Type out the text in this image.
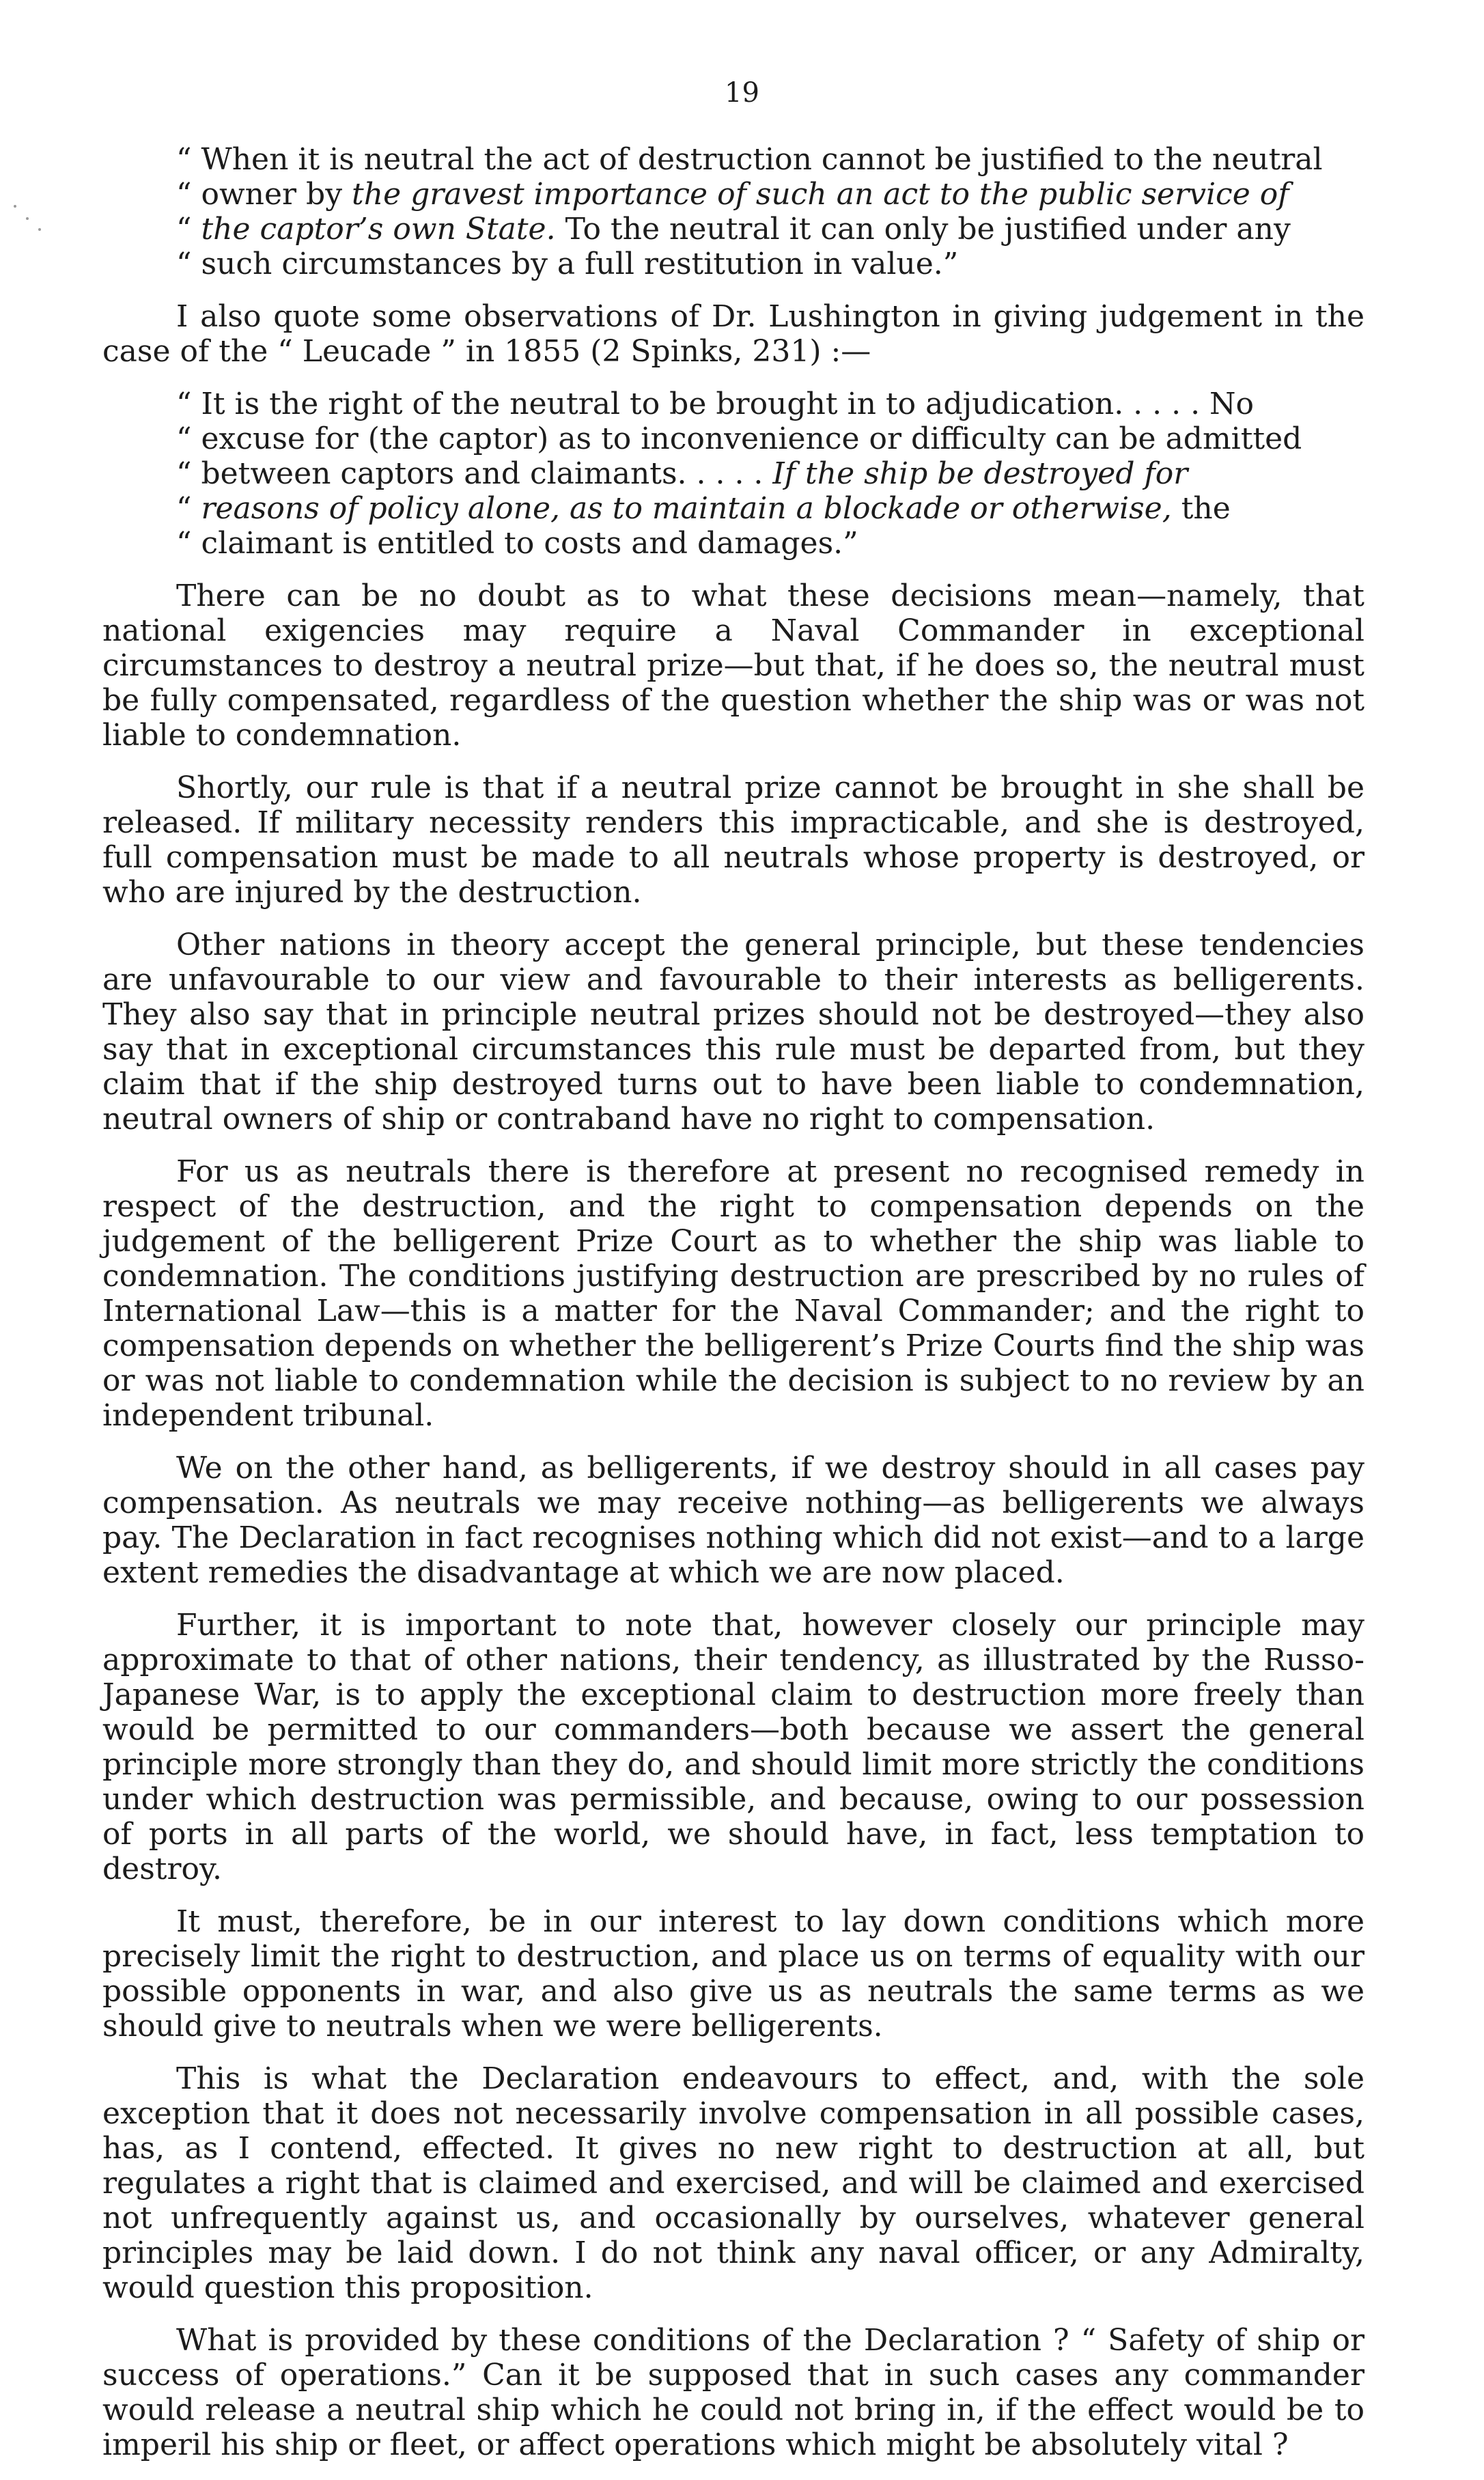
19
“ When it is neutral the act of destruction cannot be justified to the neutral
“ owner by the gravest importance of such an act to the public service of
“ the captor’s own State. To the neutral it can only be justified under any
“ such circumstances by a full restitution in value.”

I also quote some observations of Dr. Lushington in giving judgement in the case of the “ Leucade ” in 1855 (2 Spinks, 231) :—

“ It is the right of the neutral to be brought in to adjudication. . . . . No
“ excuse for (the captor) as to inconvenience or difficulty can be admitted
“ between captors and claimants. . . . . If the ship be destroyed for
“ reasons of policy alone, as to maintain a blockade or otherwise, the
“ claimant is entitled to costs and damages.”

There can be no doubt as to what these decisions mean—namely, that national exigencies may require a Naval Commander in exceptional circumstances to destroy a neutral prize—but that, if he does so, the neutral must be fully compensated, regardless of the question whether the ship was or was not liable to condemnation.

Shortly, our rule is that if a neutral prize cannot be brought in she shall be released. If military necessity renders this impracticable, and she is destroyed, full compensation must be made to all neutrals whose property is destroyed, or who are injured by the destruction.

Other nations in theory accept the general principle, but these tendencies are unfavourable to our view and favourable to their interests as belligerents. They also say that in principle neutral prizes should not be destroyed—they also say that in exceptional circumstances this rule must be departed from, but they claim that if the ship destroyed turns out to have been liable to condemnation, neutral owners of ship or contraband have no right to compensation.

For us as neutrals there is therefore at present no recognised remedy in respect of the destruction, and the right to compensation depends on the judgement of the belligerent Prize Court as to whether the ship was liable to condemnation. The conditions justifying destruction are prescribed by no rules of International Law—this is a matter for the Naval Commander; and the right to compensation depends on whether the belligerent’s Prize Courts find the ship was or was not liable to condemnation while the decision is subject to no review by an independent tribunal.

We on the other hand, as belligerents, if we destroy should in all cases pay compensation. As neutrals we may receive nothing—as belligerents we always pay. The Declaration in fact recognises nothing which did not exist—and to a large extent remedies the disadvantage at which we are now placed.

Further, it is important to note that, however closely our principle may approximate to that of other nations, their tendency, as illustrated by the Russo-Japanese War, is to apply the exceptional claim to destruction more freely than would be permitted to our commanders—both because we assert the general principle more strongly than they do, and should limit more strictly the conditions under which destruction was permissible, and because, owing to our possession of ports in all parts of the world, we should have, in fact, less temptation to destroy.

It must, therefore, be in our interest to lay down conditions which more precisely limit the right to destruction, and place us on terms of equality with our possible opponents in war, and also give us as neutrals the same terms as we should give to neutrals when we were belligerents.

This is what the Declaration endeavours to effect, and, with the sole exception that it does not necessarily involve compensation in all possible cases, has, as I contend, effected. It gives no new right to destruction at all, but regulates a right that is claimed and exercised, and will be claimed and exercised not unfrequently against us, and occasionally by ourselves, whatever general principles may be laid down. I do not think any naval officer, or any Admiralty, would question this proposition.

What is provided by these conditions of the Declaration ? “ Safety of ship or success of operations.” Can it be supposed that in such cases any commander would release a neutral ship which he could not bring in, if the effect would be to imperil his ship or fleet, or affect operations which might be absolutely vital ?
